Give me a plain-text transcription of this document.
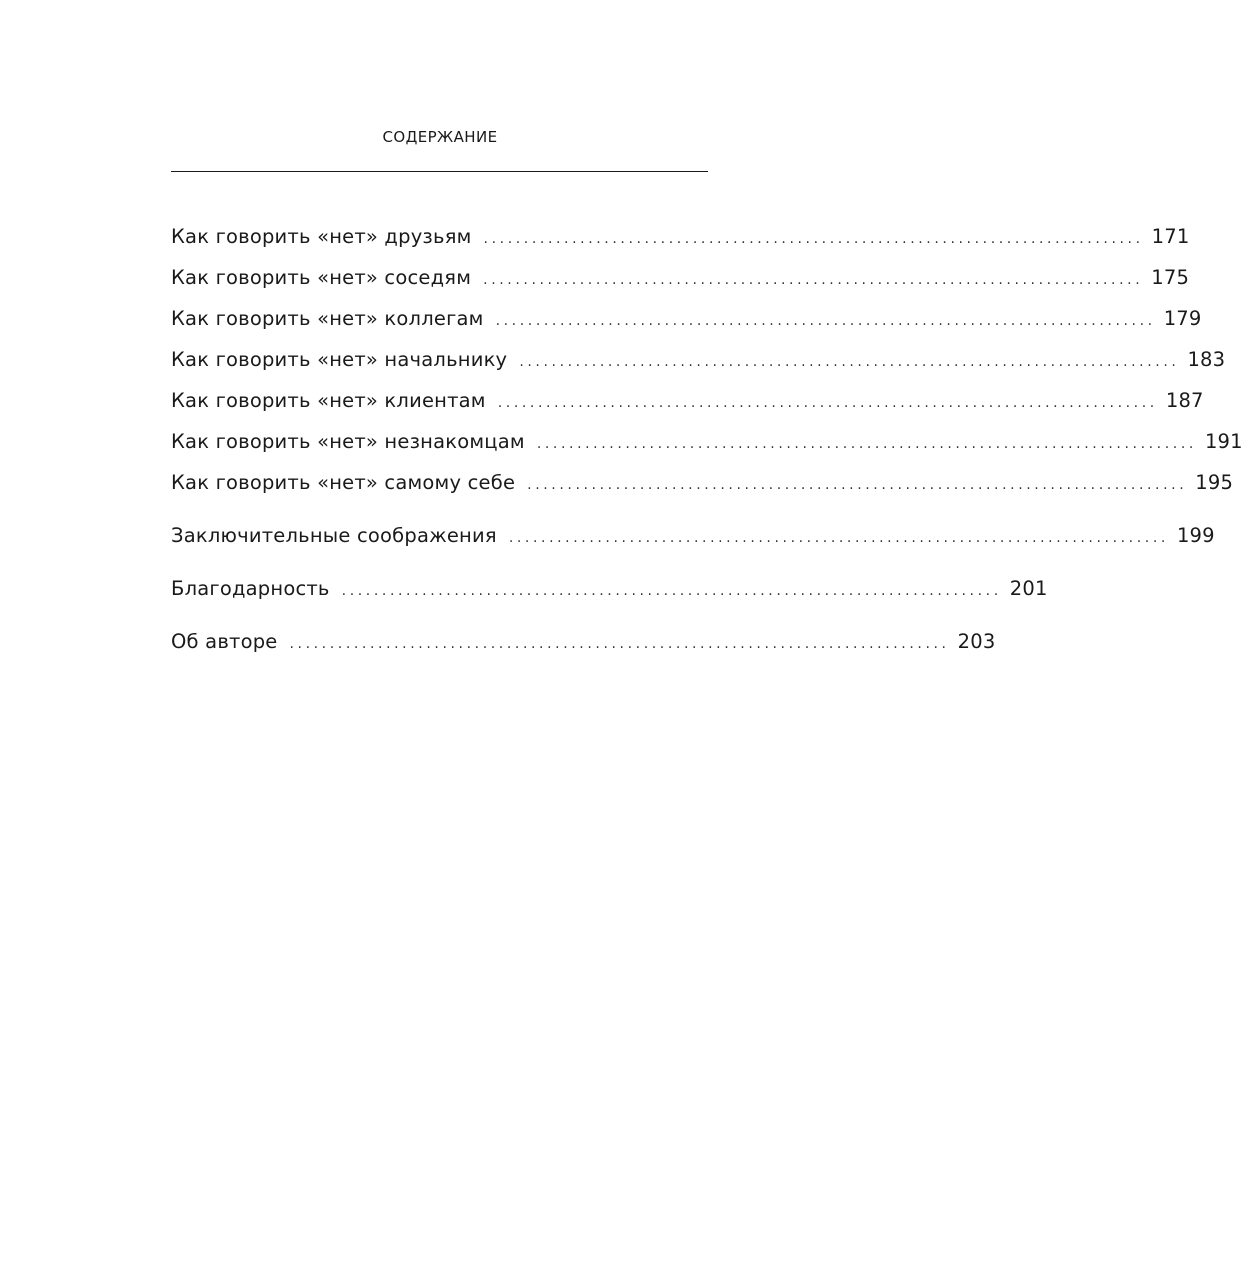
СОДЕРЖАНИЕ
Как говорить «нет» друзьям .................................................................................. 171
Как говорить «нет» соседям .................................................................................. 175
Как говорить «нет» коллегам .................................................................................. 179
Как говорить «нет» начальнику .................................................................................. 183
Как говорить «нет» клиентам .................................................................................. 187
Как говорить «нет» незнакомцам .................................................................................. 191
Как говорить «нет» самому себе .................................................................................. 195
Заключительные соображения .................................................................................. 199
Благодарность .................................................................................. 201
Об авторе .................................................................................. 203
